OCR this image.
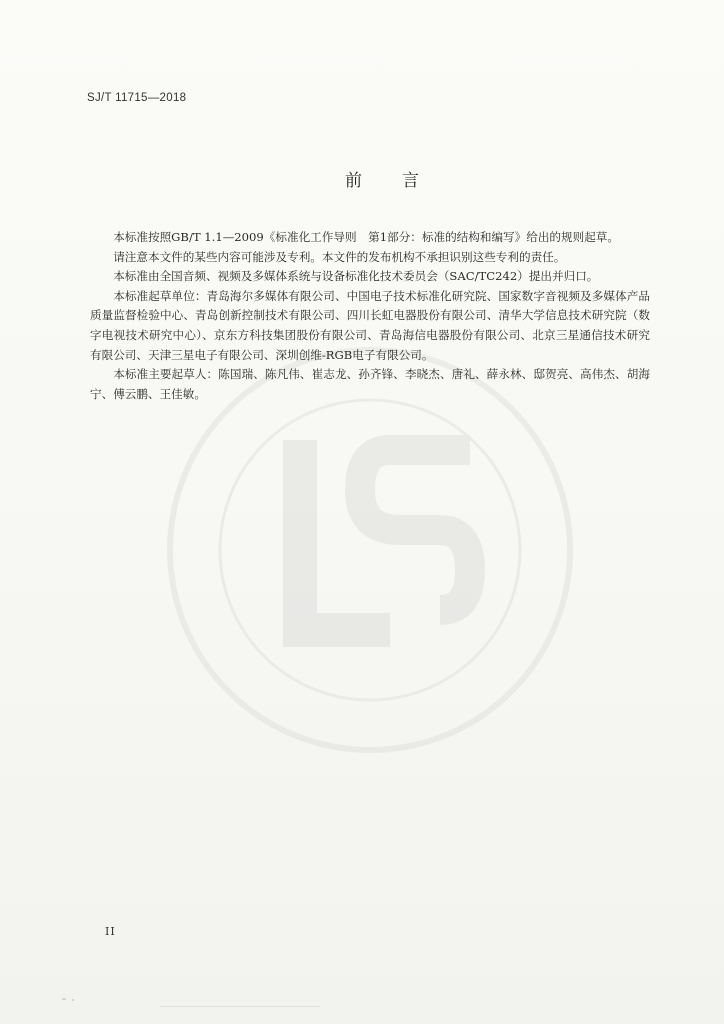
SJ/T 11715—2018
前言

本标准按照GB/T 1.1—2009《标准化工作导则　第1部分：标准的结构和编写》给出的规则起草。

请注意本文件的某些内容可能涉及专利。本文件的发布机构不承担识别这些专利的责任。

本标准由全国音频、视频及多媒体系统与设备标准化技术委员会（SAC/TC242）提出并归口。

本标准起草单位：青岛海尔多媒体有限公司、中国电子技术标准化研究院、国家数字音视频及多媒体产品质量监督检验中心、青岛创新控制技术有限公司、四川长虹电器股份有限公司、清华大学信息技术研究院（数字电视技术研究中心）、京东方科技集团股份有限公司、青岛海信电器股份有限公司、北京三星通信技术研究有限公司、天津三星电子有限公司、深圳创维-RGB电子有限公司。

本标准主要起草人：陈国瑞、陈凡伟、崔志龙、孙齐锋、李晓杰、唐礼、薛永林、邸贺亮、高伟杰、胡海宁、傅云鹏、王佳敏。

II
